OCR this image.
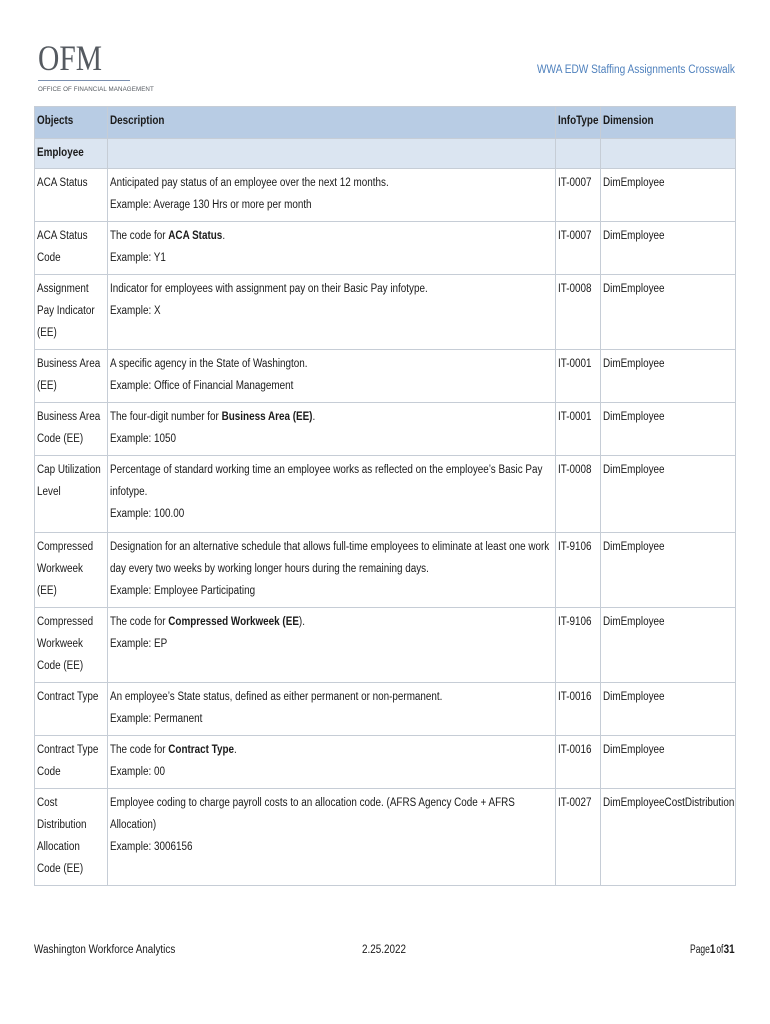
OFM
OFFICE OF FINANCIAL MANAGEMENT
WWA EDW Staffing Assignments Crosswalk
Objects	Description	InfoType	Dimension
Employee			

ACA Status	Anticipated pay status of an employee over the next 12 months.
Example: Average 130 Hrs or more per month	IT-0007	DimEmployee

ACA Status Code	The code for ACA Status.
Example: Y1	IT-0007	DimEmployee

Assignment Pay Indicator (EE)	Indicator for employees with assignment pay on their Basic Pay infotype.
Example: X	IT-0008	DimEmployee

Business Area (EE)	A specific agency in the State of Washington.
Example: Office of Financial Management	IT-0001	DimEmployee

Business Area Code (EE)	The four-digit number for Business Area (EE).
Example: 1050	IT-0001	DimEmployee

Cap Utilization Level	Percentage of standard working time an employee works as reflected on the employee’s Basic Pay infotype.
Example: 100.00	IT-0008	DimEmployee

Compressed Workweek (EE)	Designation for an alternative schedule that allows full-time employees to eliminate at least one work day every two weeks by working longer hours during the remaining days.
Example: Employee Participating	IT-9106	DimEmployee

Compressed Workweek Code (EE)	The code for Compressed Workweek (EE).
Example: EP	IT-9106	DimEmployee

Contract Type	An employee’s State status, defined as either permanent or non-permanent.
Example: Permanent	IT-0016	DimEmployee

Contract Type Code	The code for Contract Type.
Example: 00	IT-0016	DimEmployee

Cost Distribution Allocation Code (EE)	Employee coding to charge payroll costs to an allocation code. (AFRS Agency Code + AFRS Allocation)
Example: 3006156	IT-0027	DimEmployeeCostDistribution
Washington Workforce Analytics	2.25.2022	Page1of31
